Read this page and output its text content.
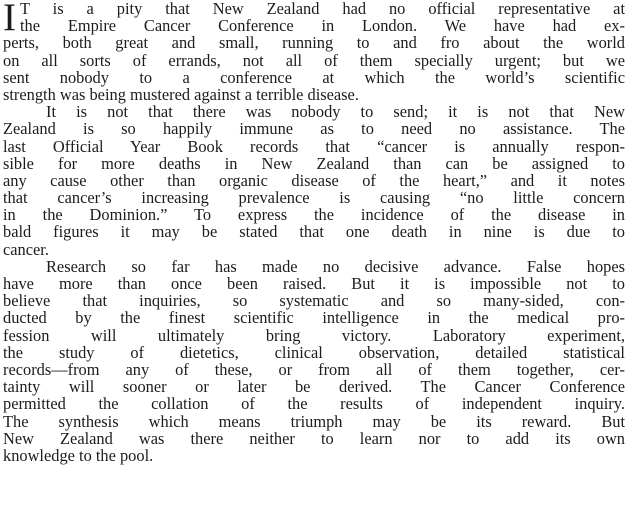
I T is a pity that New Zealand had no official representative at
the Empire Cancer Conference in London. We have had ex-
perts, both great and small, running to and fro about the world
on all sorts of errands, not all of them specially urgent; but we
sent nobody to a conference at which the world’s scientific
strength was being mustered against a terrible disease.
It is not that there was nobody to send; it is not that New
Zealand is so happily immune as to need no assistance. The
last Official Year Book records that “cancer is annually respon-
sible for more deaths in New Zealand than can be assigned to
any cause other than organic disease of the heart,” and it notes
that cancer’s increasing prevalence is causing “no little concern
in the Dominion.” To express the incidence of the disease in
bald figures it may be stated that one death in nine is due to
cancer.
Research so far has made no decisive advance. False hopes
have more than once been raised. But it is impossible not to
believe that inquiries, so systematic and so many-sided, con-
ducted by the finest scientific intelligence in the medical pro-
fession will ultimately bring victory. Laboratory experiment,
the study of dietetics, clinical observation, detailed statistical
records—from any of these, or from all of them together, cer-
tainty will sooner or later be derived. The Cancer Conference
permitted the collation of the results of independent inquiry.
The synthesis which means triumph may be its reward. But
New Zealand was there neither to learn nor to add its own
knowledge to the pool.
